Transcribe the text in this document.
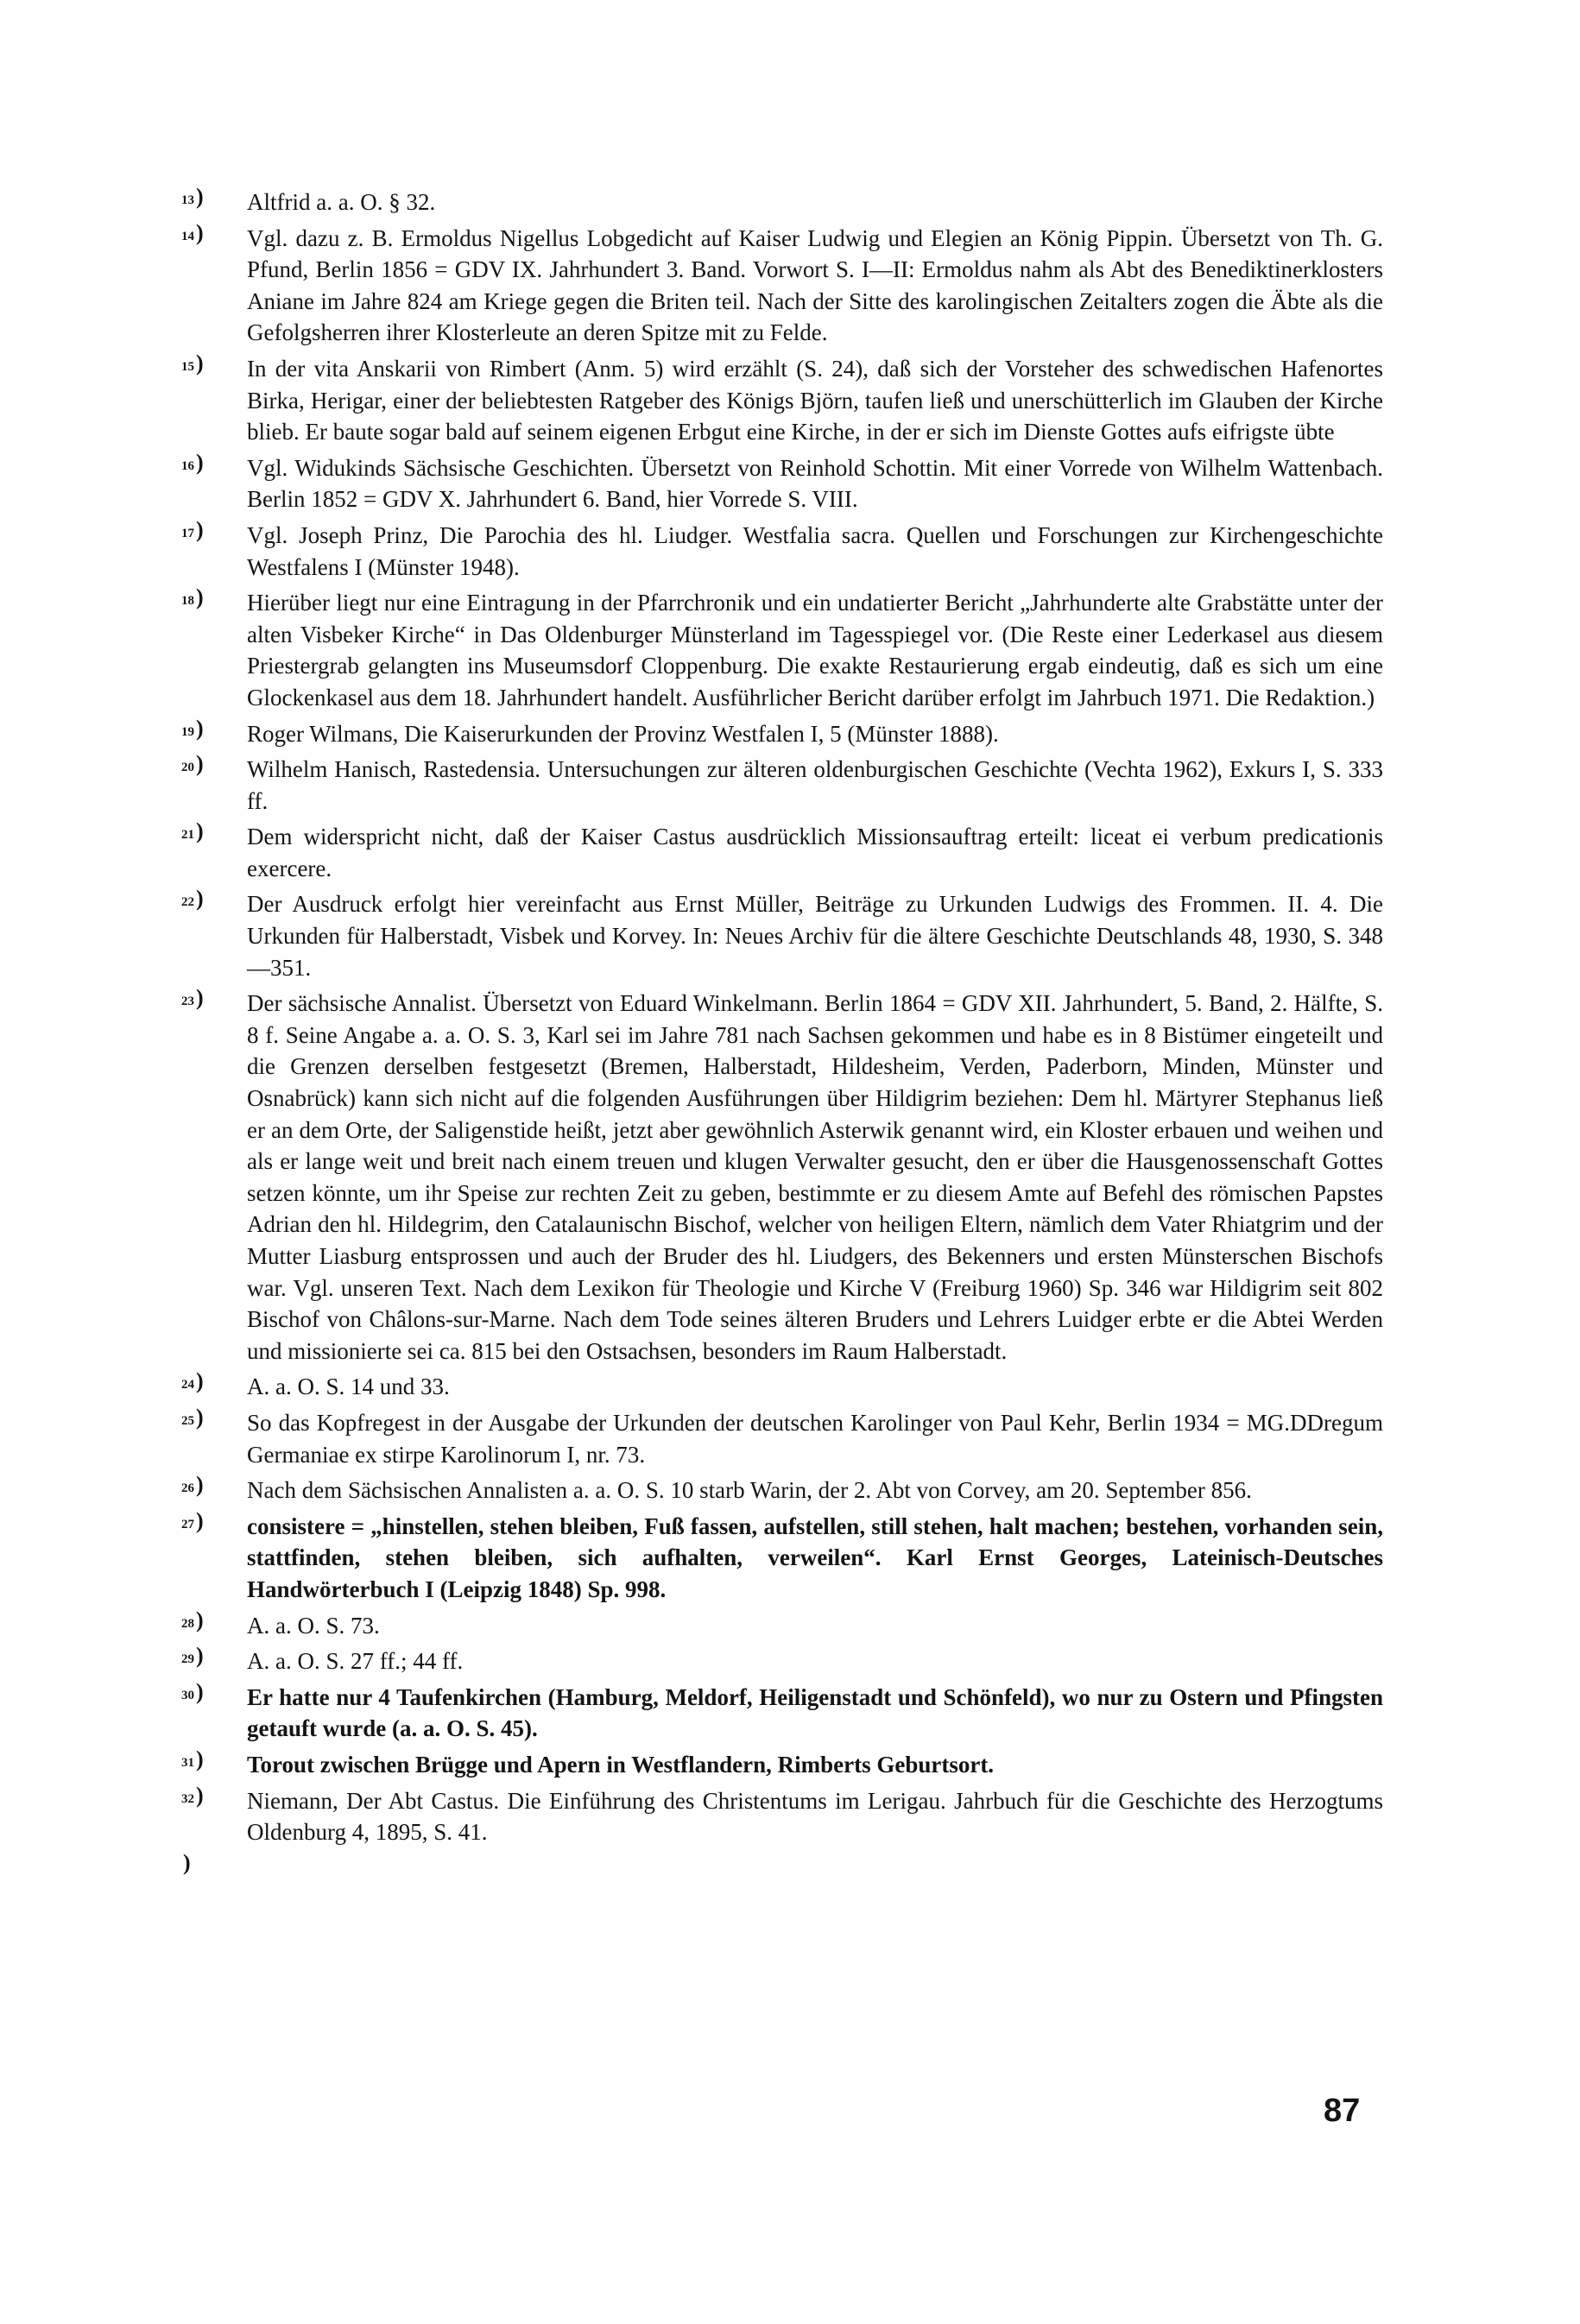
13)	Altfrid a. a. O. § 32.
14)	Vgl. dazu z. B. Ermoldus Nigellus Lobgedicht auf Kaiser Ludwig und Elegien an König Pippin. Übersetzt von Th. G. Pfund, Berlin 1856 = GDV IX. Jahrhundert 3. Band. Vorwort S. I—II: Ermoldus nahm als Abt des Benediktinerklosters Aniane im Jahre 824 am Kriege gegen die Briten teil. Nach der Sitte des karolingischen Zeitalters zogen die Äbte als die Gefolgsherren ihrer Klosterleute an deren Spitze mit zu Felde.
15)	In der vita Anskarii von Rimbert (Anm. 5) wird erzählt (S. 24), daß sich der Vorsteher des schwedischen Hafenortes Birka, Herigar, einer der beliebtesten Ratgeber des Königs Björn, taufen ließ und unerschütterlich im Glauben der Kirche blieb. Er baute sogar bald auf seinem eigenen Erbgut eine Kirche, in der er sich im Dienste Gottes aufs eifrigste übte
16)	Vgl. Widukinds Sächsische Geschichten. Übersetzt von Reinhold Schottin. Mit einer Vorrede von Wilhelm Wattenbach. Berlin 1852 = GDV X. Jahrhundert 6. Band, hier Vorrede S. VIII.
17)	Vgl. Joseph Prinz, Die Parochia des hl. Liudger. Westfalia sacra. Quellen und Forschungen zur Kirchengeschichte Westfalens I (Münster 1948).
18)	Hierüber liegt nur eine Eintragung in der Pfarrchronik und ein undatierter Bericht „Jahrhunderte alte Grabstätte unter der alten Visbeker Kirche“ in Das Oldenburger Münsterland im Tagesspiegel vor. (Die Reste einer Lederkasel aus diesem Priestergrab gelangten ins Museumsdorf Cloppenburg. Die exakte Restaurierung ergab eindeutig, daß es sich um eine Glockenkasel aus dem 18. Jahrhundert handelt. Ausführlicher Bericht darüber erfolgt im Jahrbuch 1971. Die Redaktion.)
19)	Roger Wilmans, Die Kaiserurkunden der Provinz Westfalen I, 5 (Münster 1888).
20)	Wilhelm Hanisch, Rastedensia. Untersuchungen zur älteren oldenburgischen Geschichte (Vechta 1962), Exkurs I, S. 333 ff.
21)	Dem widerspricht nicht, daß der Kaiser Castus ausdrücklich Missionsauftrag erteilt: liceat ei verbum predicationis exercere.
22)	Der Ausdruck erfolgt hier vereinfacht aus Ernst Müller, Beiträge zu Urkunden Ludwigs des Frommen. II. 4. Die Urkunden für Halberstadt, Visbek und Korvey. In: Neues Archiv für die ältere Geschichte Deutschlands 48, 1930, S. 348—351.
23)	Der sächsische Annalist. Übersetzt von Eduard Winkelmann. Berlin 1864 = GDV XII. Jahrhundert, 5. Band, 2. Hälfte, S. 8 f. Seine Angabe a. a. O. S. 3, Karl sei im Jahre 781 nach Sachsen gekommen und habe es in 8 Bistümer eingeteilt und die Grenzen derselben festgesetzt (Bremen, Halberstadt, Hildesheim, Verden, Paderborn, Minden, Münster und Osnabrück) kann sich nicht auf die folgenden Ausführungen über Hildigrim beziehen: Dem hl. Märtyrer Stephanus ließ er an dem Orte, der Saligenstide heißt, jetzt aber gewöhnlich Asterwik genannt wird, ein Kloster erbauen und weihen und als er lange weit und breit nach einem treuen und klugen Verwalter gesucht, den er über die Hausgenossenschaft Gottes setzen könnte, um ihr Speise zur rechten Zeit zu geben, bestimmte er zu diesem Amte auf Befehl des römischen Papstes Adrian den hl. Hildegrim, den Catalaunischn Bischof, welcher von heiligen Eltern, nämlich dem Vater Rhiatgrim und der Mutter Liasburg entsprossen und auch der Bruder des hl. Liudgers, des Bekenners und ersten Münsterschen Bischofs war. Vgl. unseren Text. Nach dem Lexikon für Theologie und Kirche V (Freiburg 1960) Sp. 346 war Hildigrim seit 802 Bischof von Châlons-sur-Marne. Nach dem Tode seines älteren Bruders und Lehrers Luidger erbte er die Abtei Werden und missionierte sei ca. 815 bei den Ostsachsen, besonders im Raum Halberstadt.
24)	A. a. O. S. 14 und 33.
25)	So das Kopfregest in der Ausgabe der Urkunden der deutschen Karolinger von Paul Kehr, Berlin 1934 = MG.DDregum Germaniae ex stirpe Karolinorum I, nr. 73.
26)	Nach dem Sächsischen Annalisten a. a. O. S. 10 starb Warin, der 2. Abt von Corvey, am 20. September 856.
27)	consistere = „hinstellen, stehen bleiben, Fuß fassen, aufstellen, still stehen, halt machen; bestehen, vorhanden sein, stattfinden, stehen bleiben, sich aufhalten, verweilen“. Karl Ernst Georges, Lateinisch-Deutsches Handwörterbuch I (Leipzig 1848) Sp. 998.
28)	A. a. O. S. 73.
29)	A. a. O. S. 27 ff.; 44 ff.
30)	Er hatte nur 4 Taufenkirchen (Hamburg, Meldorf, Heiligenstadt und Schönfeld), wo nur zu Ostern und Pfingsten getauft wurde (a. a. O. S. 45).
31)	Torout zwischen Brügge und Apern in Westflandern, Rimberts Geburtsort.
32)	Niemann, Der Abt Castus. Die Einführung des Christentums im Lerigau. Jahrbuch für die Geschichte des Herzogtums Oldenburg 4, 1895, S. 41.
)
87
